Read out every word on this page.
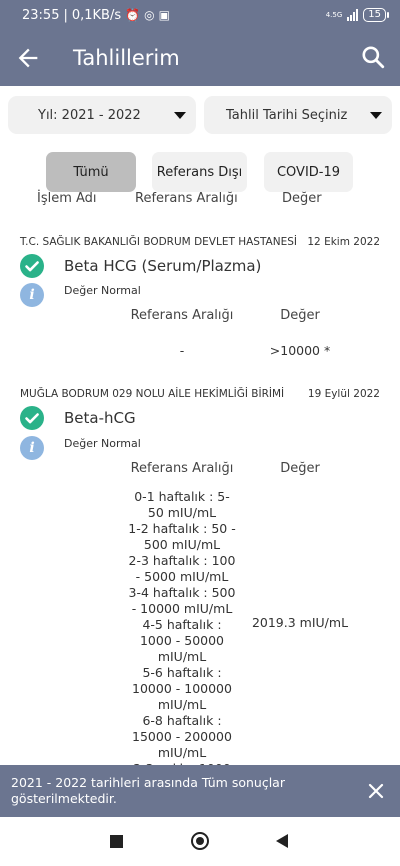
23:55 | 0,1KB/s ⏰ ◎ ▣	4.5G	15
Tahlillerim
Yıl: 2021 - 2022	Tahlil Tarihi Seçiniz
Tümü	Referans Dışı	COVID-19
İşlem Adı	Referans Aralığı	Değer
T.C. SAĞLIK BAKANLIĞI BODRUM DEVLET HASTANESİ 12 Ekim 2022
Beta HCG (Serum/Plazma)
i	Değer Normal
Referans Aralığı	Değer
-	>10000 *
MUĞLA BODRUM 029 NOLU AİLE HEKİMLİĞİ BİRİMİ 19 Eylül 2022
Beta-hCG
i	Değer Normal
Referans Aralığı	Değer
0-1 haftalık : 5-
50 mIU/mL
1-2 haftalık : 50 -
500 mIU/mL
2-3 haftalık : 100
- 5000 mIU/mL
3-4 haftalık : 500
- 10000 mIU/mL
4-5 haftalık :
1000 - 50000
mIU/mL
5-6 haftalık :
10000 - 100000
mIU/mL
6-8 haftalık :
15000 - 200000
mIU/mL

2019.3 mIU/mL
2021 - 2022 tarihleri arasında Tüm sonuçlar gösterilmektedir.
